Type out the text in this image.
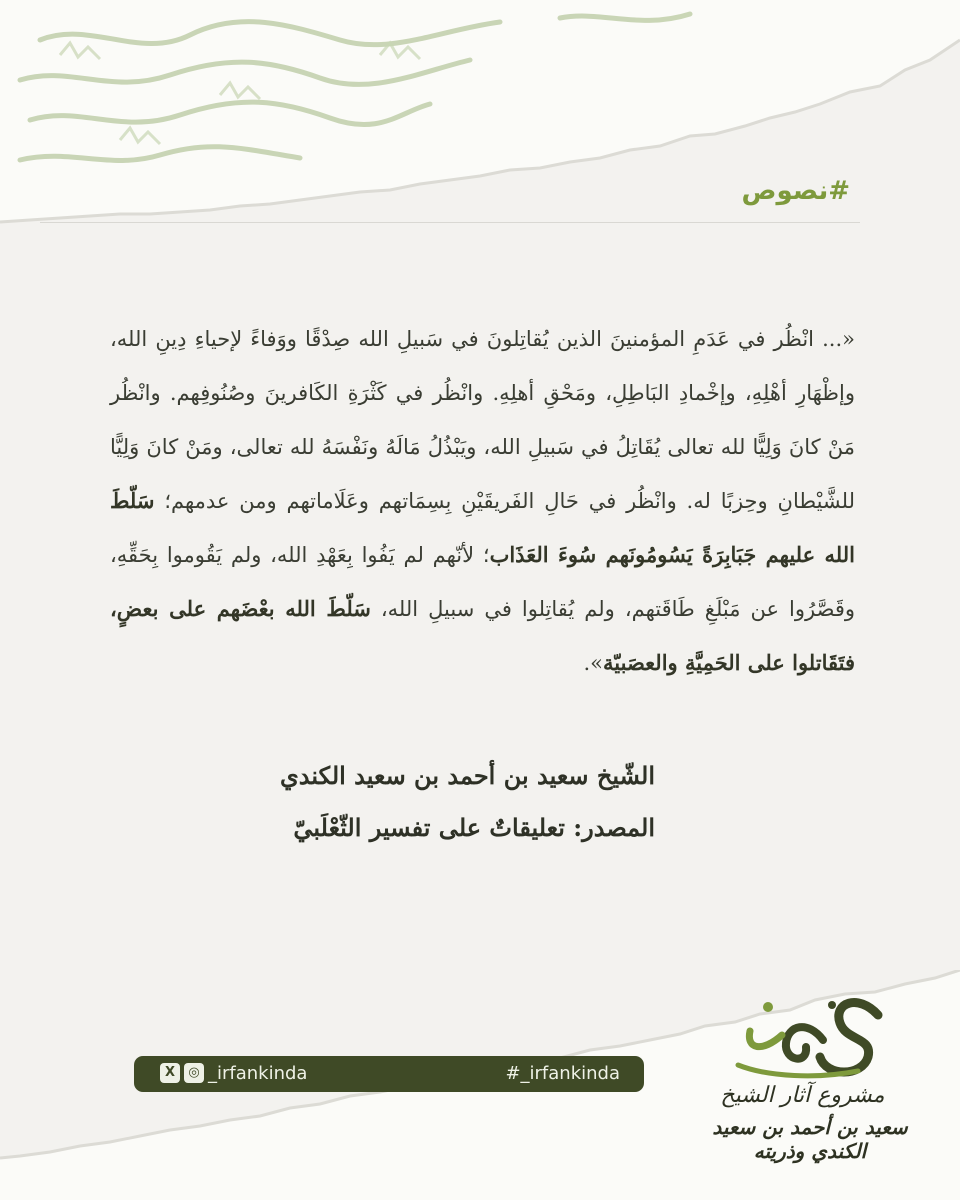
#نصوص
«... انْظُر في عَدَمِ المؤمنينَ الذين يُقاتِلونَ في سَبيلِ الله صِدْقًا ووَفاءً لإحياءِ دِينِ الله، وإظْهَارِ أهْلِهِ، وإخْمادِ البَاطِلِ، ومَحْقِ أهلِهِ. وانْظُر في كَثْرَةِ الكَافرينَ وصُنُوفِهم. وانْظُر مَنْ كانَ وَلِيًّا لله تعالى يُقَاتِلُ في سَبيلِ الله، ويَبْذُلُ مَالَهُ ونَفْسَهُ لله تعالى، ومَنْ كانَ وَلِيًّا للشَّيْطانِ وحِزبًا له. وانْظُر في حَالِ الفَريقَيْنِ بِسِمَاتهم وعَلَاماتهم ومن عدمهم؛ سَلّطَ الله عليهم جَبَابِرَةً يَسُومُونَهم سُوءَ العَذَاب؛ لأنّهم لم يَفُوا بِعَهْدِ الله، ولم يَقُوموا بِحَقِّهِ، وقَصَّرُوا عن مَبْلَغِ طَاقَتهم، ولم يُقاتِلوا في سبيلِ الله، سَلّطَ الله بعْضَهم على بعضٍ، فتَقَاتلوا على الحَمِيَّةِ والعصَبيّة».
الشّيخ سعيد بن أحمد بن سعيد الكندي
المصدر: تعليقاتٌ على تفسير الثّعْلَبيّ
X	◎ _irfankinda	#_irfankinda
مشروع آثار الشيخ
سعيد بن أحمد بن سعيد الكندي وذريته
